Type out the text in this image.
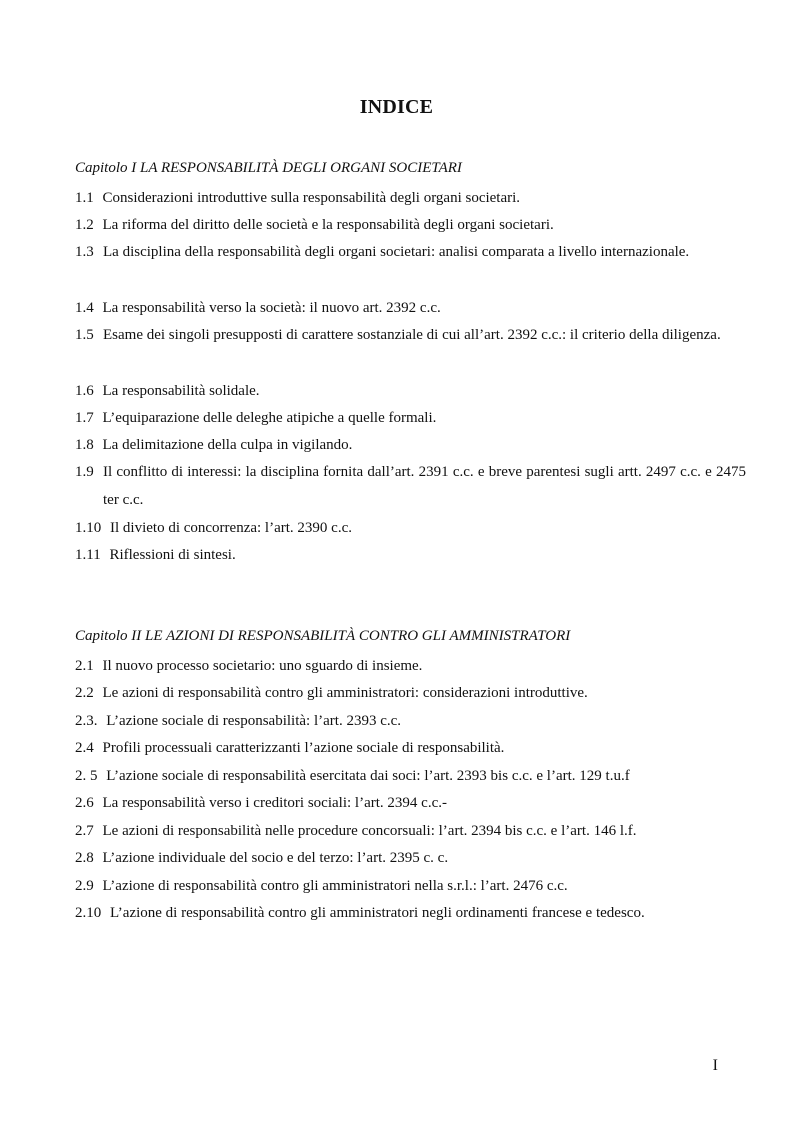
INDICE
Capitolo I LA RESPONSABILITÀ DEGLI ORGANI SOCIETARI
1.1 Considerazioni introduttive sulla responsabilità degli organi societari.
1.2 La riforma del diritto delle società e la responsabilità degli organi societari.
1.3 La disciplina della responsabilità degli organi societari: analisi comparata a livello internazionale.
1.4 La responsabilità verso la società: il nuovo art. 2392 c.c.
1.5 Esame dei singoli presupposti di carattere sostanziale di cui all’art. 2392 c.c.: il criterio della diligenza.
1.6 La responsabilità solidale.
1.7 L’equiparazione delle deleghe atipiche a quelle formali.
1.8 La delimitazione della culpa in vigilando.
1.9 Il conflitto di interessi: la disciplina fornita dall’art. 2391 c.c. e breve parentesi sugli artt. 2497 c.c. e 2475 ter c.c.
1.10 Il divieto di concorrenza: l’art. 2390 c.c.
1.11 Riflessioni di sintesi.
Capitolo II LE AZIONI DI RESPONSABILITÀ CONTRO GLI AMMINISTRATORI
2.1 Il nuovo processo societario: uno sguardo di insieme.
2.2 Le azioni di responsabilità contro gli amministratori: considerazioni introduttive.
2.3. L’azione sociale di responsabilità: l’art. 2393 c.c.
2.4 Profili processuali caratterizzanti l’azione sociale di responsabilità.
2. 5 L’azione sociale di responsabilità esercitata dai soci: l’art. 2393 bis c.c. e l’art. 129 t.u.f
2.6 La responsabilità verso i creditori sociali: l’art. 2394 c.c.-
2.7 Le azioni di responsabilità nelle procedure concorsuali: l’art. 2394 bis c.c. e l’art. 146 l.f.
2.8 L’azione individuale del socio e del terzo: l’art. 2395 c. c.
2.9 L’azione di responsabilità contro gli amministratori nella s.r.l.: l’art. 2476 c.c.
2.10 L’azione di responsabilità contro gli amministratori negli ordinamenti francese e tedesco.
I
